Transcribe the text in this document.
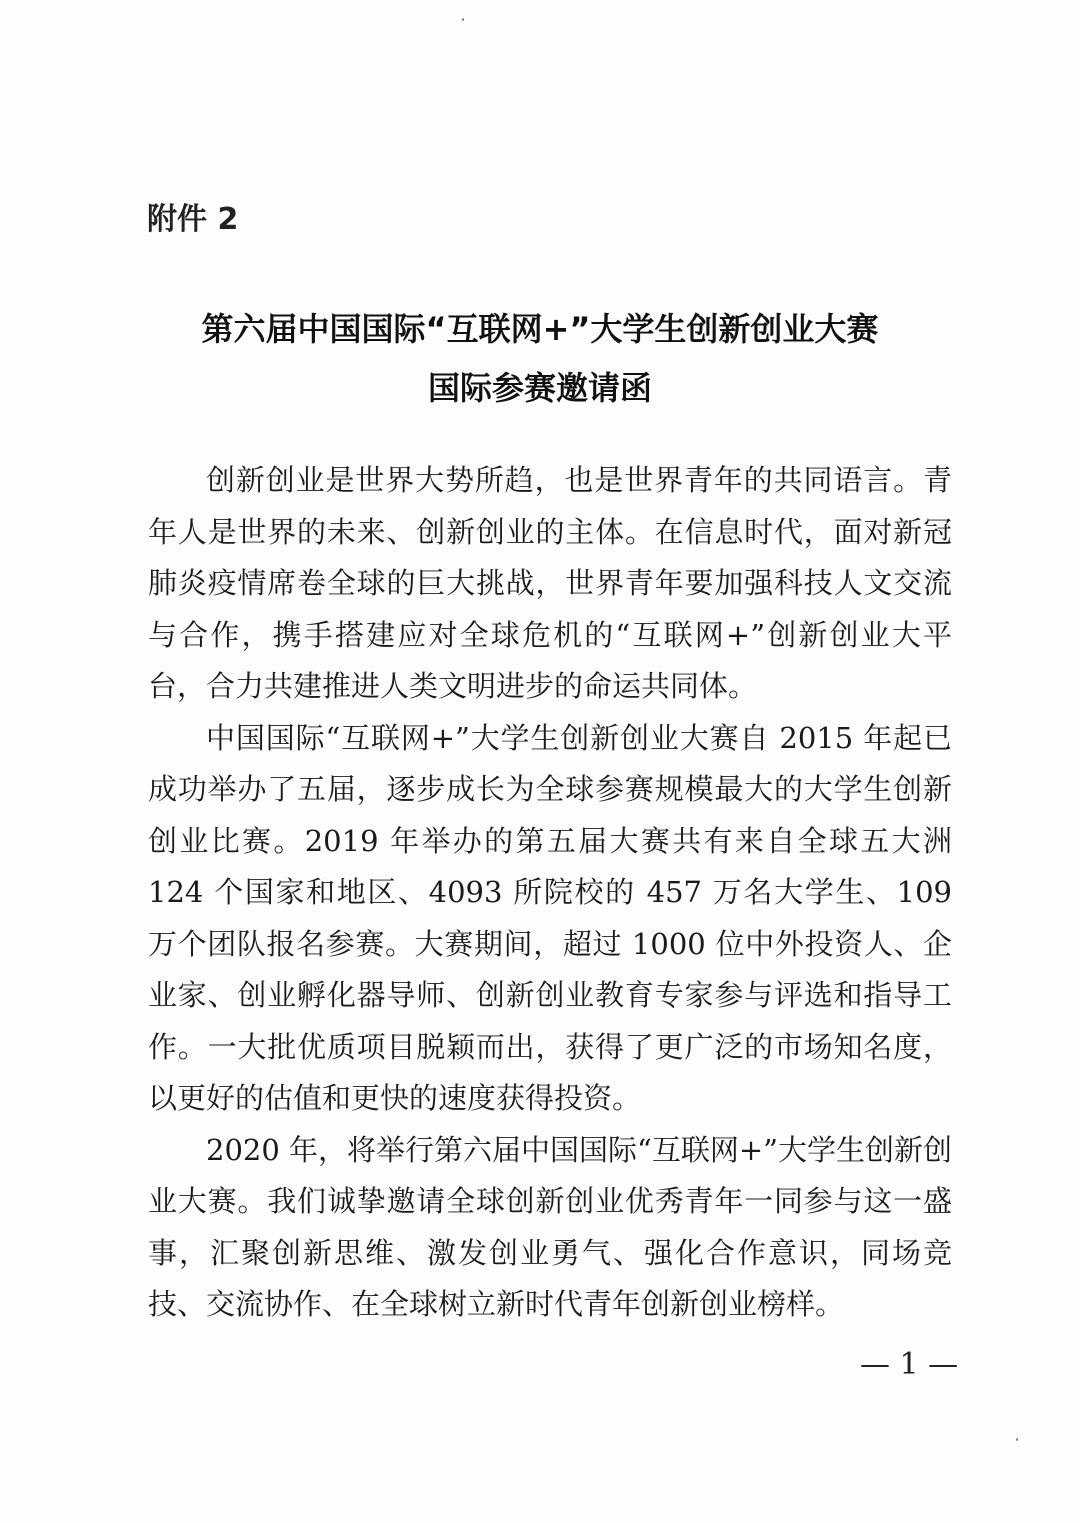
附件 2
第六届中国国际“互联网+”大学生创新创业大赛
国际参赛邀请函

创新创业是世界大势所趋，也是世界青年的共同语言。青年人是世界的未来、创新创业的主体。在信息时代，面对新冠肺炎疫情席卷全球的巨大挑战，世界青年要加强科技人文交流与合作，携手搭建应对全球危机的“互联网+”创新创业大平台，合力共建推进人类文明进步的命运共同体。

中国国际“互联网+”大学生创新创业大赛自 2015 年起已成功举办了五届，逐步成长为全球参赛规模最大的大学生创新创业比赛。2019 年举办的第五届大赛共有来自全球五大洲 124 个国家和地区、4093 所院校的 457 万名大学生、109 万个团队报名参赛。大赛期间，超过 1000 位中外投资人、企业家、创业孵化器导师、创新创业教育专家参与评选和指导工作。一大批优质项目脱颖而出，获得了更广泛的市场知名度，以更好的估值和更快的速度获得投资。

2020 年，将举行第六届中国国际“互联网+”大学生创新创业大赛。我们诚挚邀请全球创新创业优秀青年一同参与这一盛事，汇聚创新思维、激发创业勇气、强化合作意识，同场竞技、交流协作、在全球树立新时代青年创新创业榜样。

— 1 —
